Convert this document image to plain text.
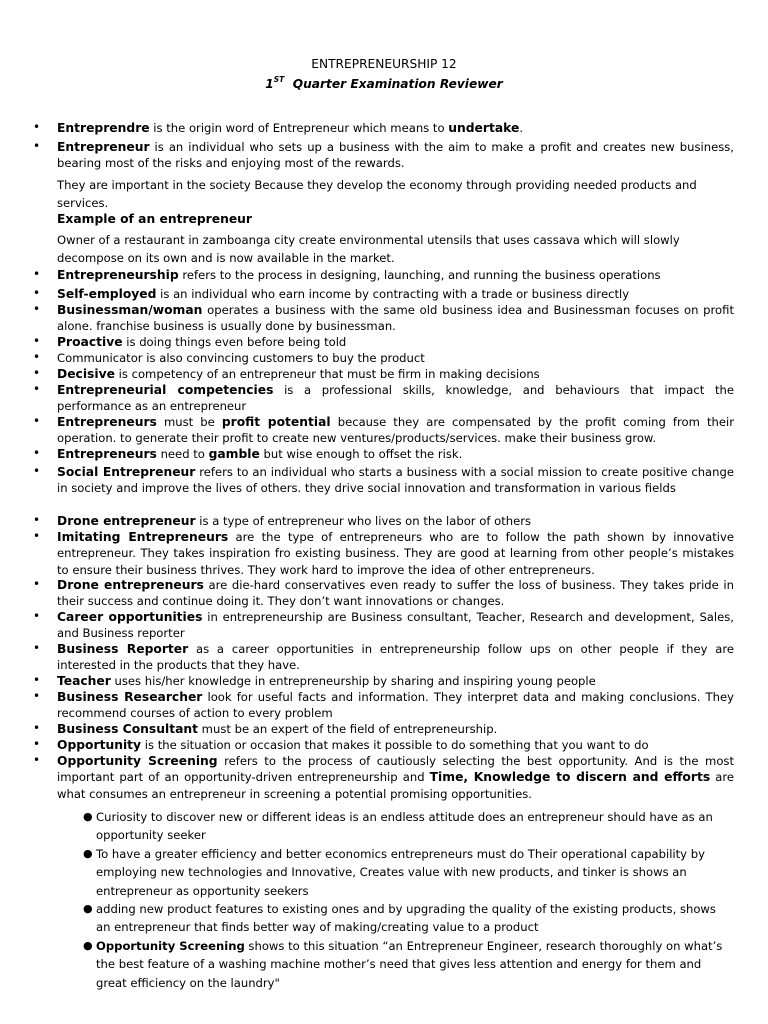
ENTREPRENEURSHIP 12
1ST Quarter Examination Reviewer
• Entreprendre is the origin word of Entrepreneur which means to undertake.
• Entrepreneur is an individual who sets up a business with the aim to make a profit and creates new business, bearing most of the risks and enjoying most of the rewards.
• Entrepreneurship refers to the process in designing, launching, and running the business operations
• Self-employed is an individual who earn income by contracting with a trade or business directly
• Businessman/woman operates a business with the same old business idea and Businessman focuses on profit alone. franchise business is usually done by businessman.
• Proactive is doing things even before being told
• Communicator is also convincing customers to buy the product
• Decisive is competency of an entrepreneur that must be firm in making decisions
• Entrepreneurial competencies is a professional skills, knowledge, and behaviours that impact the performance as an entrepreneur
• Entrepreneurs must be profit potential because they are compensated by the profit coming from their operation. to generate their profit to create new ventures/products/services. make their business grow.
• Entrepreneurs need to gamble but wise enough to offset the risk.
• Social Entrepreneur refers to an individual who starts a business with a social mission to create positive change in society and improve the lives of others. they drive social innovation and transformation in various fields
• Drone entrepreneur is a type of entrepreneur who lives on the labor of others
• Imitating Entrepreneurs are the type of entrepreneurs who are to follow the path shown by innovative entrepreneur. They takes inspiration fro existing business. They are good at learning from other people’s mistakes to ensure their business thrives. They work hard to improve the idea of other entrepreneurs.
• Drone entrepreneurs are die-hard conservatives even ready to suffer the loss of business. They takes pride in their success and continue doing it. They don’t want innovations or changes.
• Career opportunities in entrepreneurship are Business consultant, Teacher, Research and development, Sales, and Business reporter
• Business Reporter as a career opportunities in entrepreneurship follow ups on other people if they are interested in the products that they have.
• Teacher uses his/her knowledge in entrepreneurship by sharing and inspiring young people
• Business Researcher look for useful facts and information. They interpret data and making conclusions. They recommend courses of action to every problem
• Business Consultant must be an expert of the field of entrepreneurship.
• Opportunity is the situation or occasion that makes it possible to do something that you want to do
• Opportunity Screening refers to the process of cautiously selecting the best opportunity. And is the most important part of an opportunity-driven entrepreneurship and Time, Knowledge to discern and efforts are what consumes an entrepreneur in screening a potential promising opportunities.
They are important in the society Because they develop the economy through providing needed products and services.
Example of an entrepreneur
Owner of a restaurant in zamboanga city create environmental utensils that uses cassava which will slowly decompose on its own and is now available in the market.
● Curiosity to discover new or different ideas is an endless attitude does an entrepreneur should have as an opportunity seeker
● To have a greater efficiency and better economics entrepreneurs must do Their operational capability by employing new technologies and Innovative, Creates value with new products, and tinker is shows an entrepreneur as opportunity seekers
● adding new product features to existing ones and by upgrading the quality of the existing products, shows an entrepreneur that finds better way of making/creating value to a product
● Opportunity Screening shows to this situation “an Entrepreneur Engineer, research thoroughly on what’s the best feature of a washing machine mother’s need that gives less attention and energy for them and great efficiency on the laundry"
